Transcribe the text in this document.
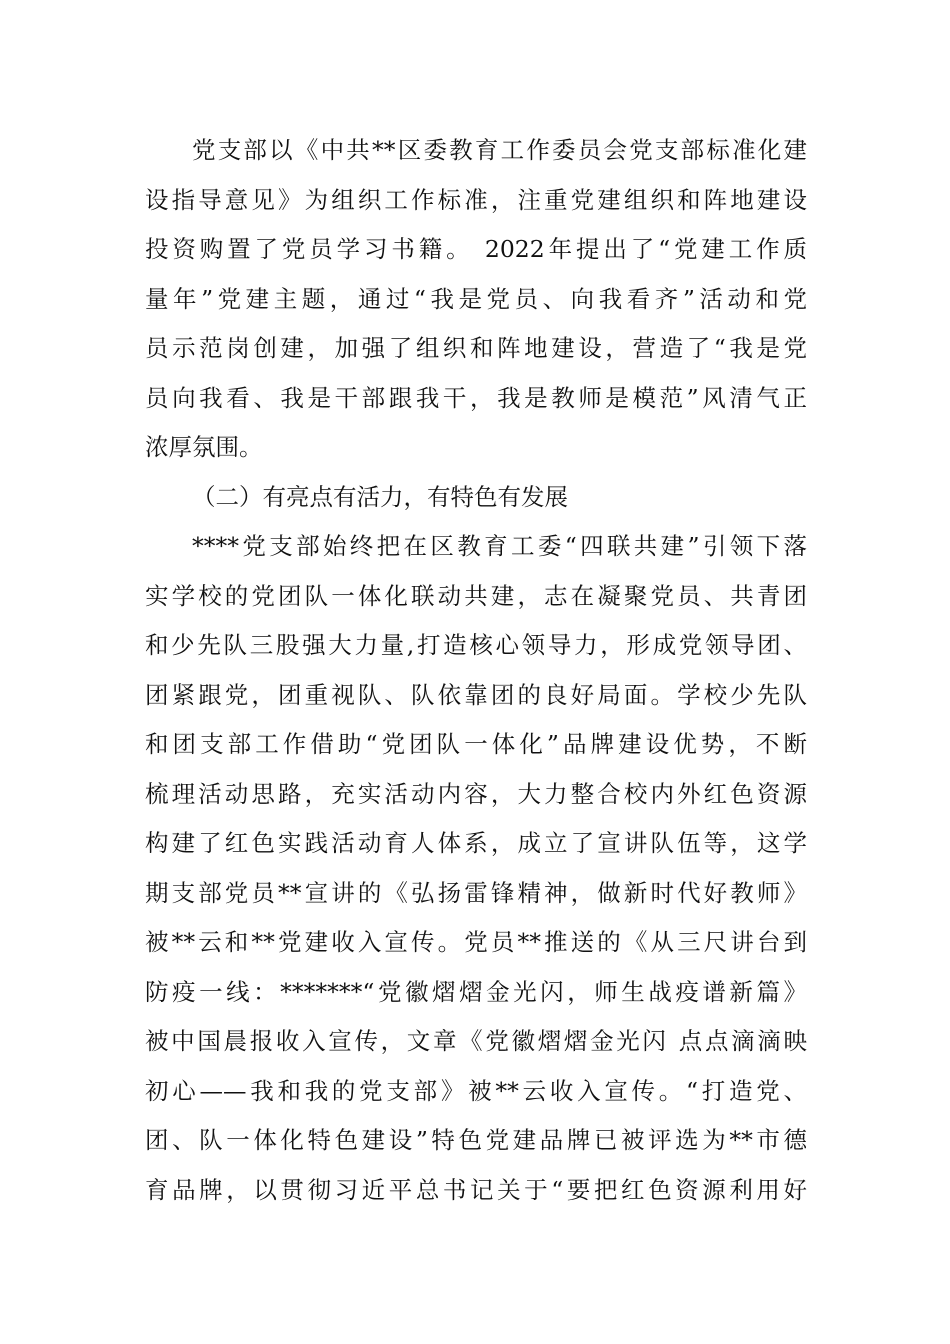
党支部以《中共**区委教育工作委员会党支部标准化建
设指导意见》为组织工作标准，注重党建组织和阵地建设
投资购置了党员学习书籍。 2022年提出了“党建工作质
量年”党建主题，通过“我是党员、向我看齐”活动和党
员示范岗创建，加强了组织和阵地建设，营造了“我是党
员向我看、我是干部跟我干，我是教师是模范”风清气正
浓厚氛围。
（二）有亮点有活力，有特色有发展
****党支部始终把在区教育工委“四联共建”引领下落
实学校的党团队一体化联动共建，志在凝聚党员、共青团
和少先队三股强大力量,打造核心领导力，形成党领导团、
团紧跟党，团重视队、队依靠团的良好局面。学校少先队
和团支部工作借助“党团队一体化”品牌建设优势，不断
梳理活动思路，充实活动内容，大力整合校内外红色资源
构建了红色实践活动育人体系，成立了宣讲队伍等，这学
期支部党员**宣讲的《弘扬雷锋精神，做新时代好教师》
被**云和**党建收入宣传。党员**推送的《从三尺讲台到
防疫一线：*******“党徽熠熠金光闪，师生战疫谱新篇》
被中国晨报收入宣传，文章《党徽熠熠金光闪 点点滴滴映
初心——我和我的党支部》被**云收入宣传。“打造党、
团、队一体化特色建设”特色党建品牌已被评选为**市德
育品牌，以贯彻习近平总书记关于“要把红色资源利用好
